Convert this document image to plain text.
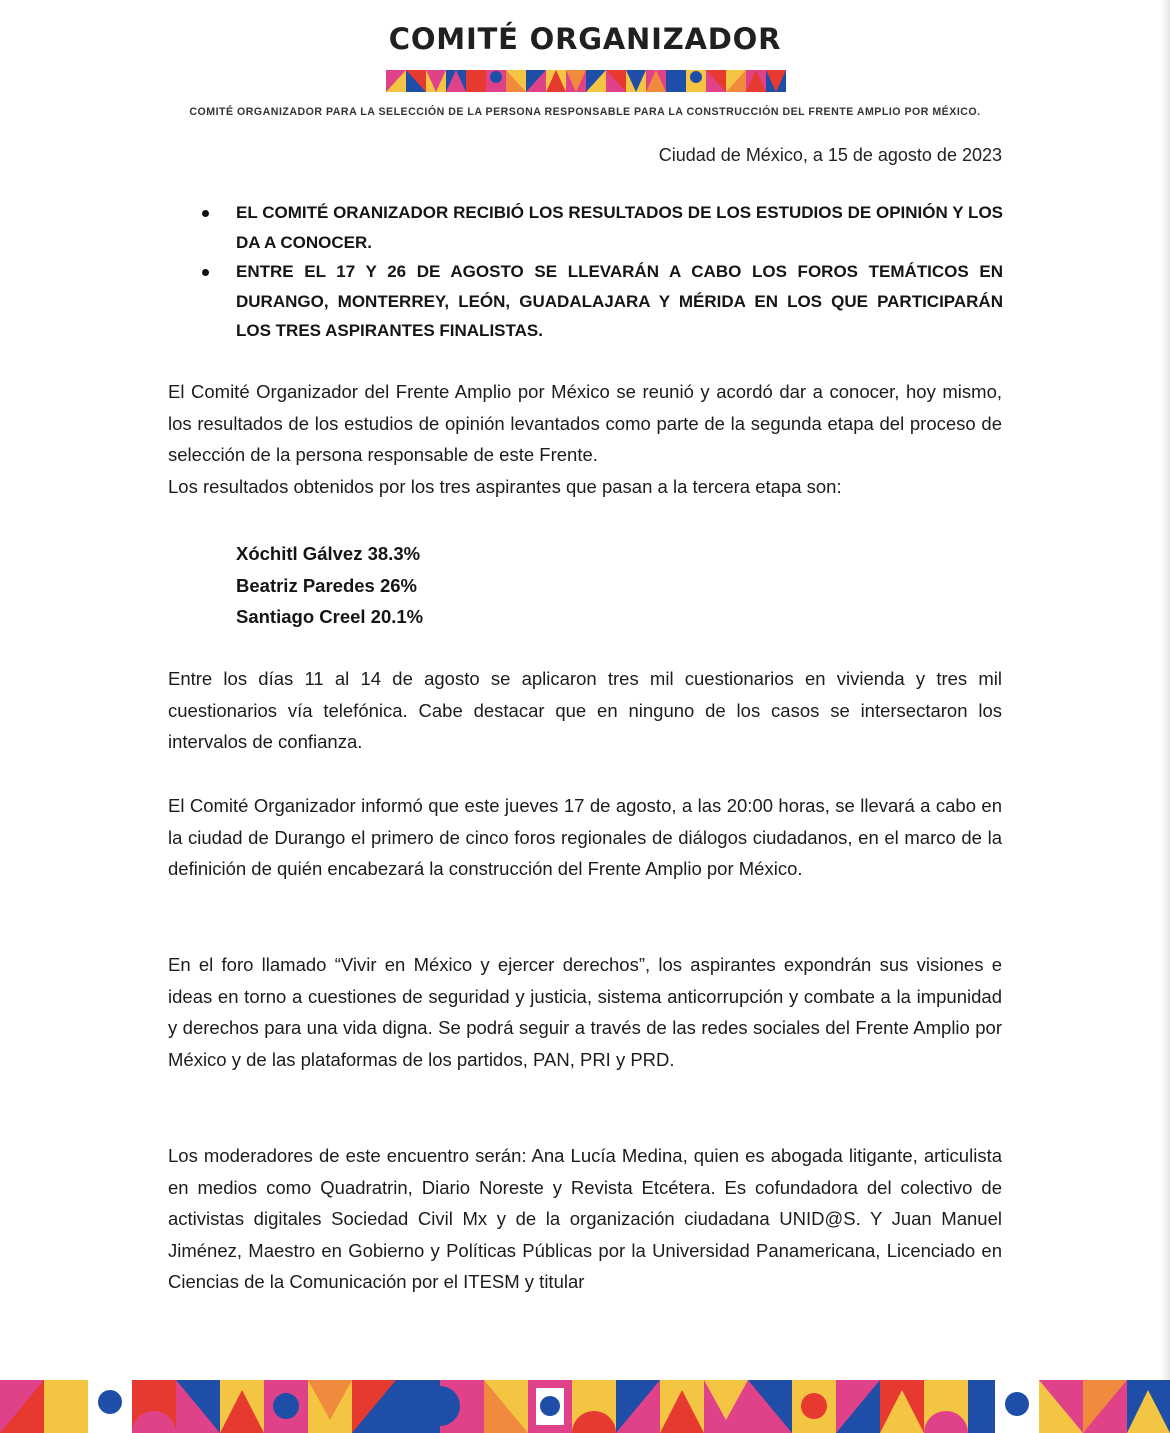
COMITÉ ORGANIZADOR
COMITÉ ORGANIZADOR PARA LA SELECCIÓN DE LA PERSONA RESPONSABLE PARA LA CONSTRUCCIÓN DEL FRENTE AMPLIO POR MÉXICO.
Ciudad de México, a 15 de agosto de 2023
EL COMITÉ ORANIZADOR RECIBIÓ LOS RESULTADOS DE LOS ESTUDIOS DE OPINIÓN Y LOS DA A CONOCER.
ENTRE EL 17 Y 26 DE AGOSTO SE LLEVARÁN A CABO LOS FOROS TEMÁTICOS EN DURANGO, MONTERREY, LEÓN, GUADALAJARA Y MÉRIDA EN LOS QUE PARTICIPARÁN LOS TRES ASPIRANTES FINALISTAS.

El Comité Organizador del Frente Amplio por México se reunió y acordó dar a conocer, hoy mismo, los resultados de los estudios de opinión levantados como parte de la segunda etapa del proceso de selección de la persona responsable de este Frente.
Los resultados obtenidos por los tres aspirantes que pasan a la tercera etapa son:

Xóchitl Gálvez 38.3%
Beatriz Paredes 26%
Santiago Creel 20.1%

Entre los días 11 al 14 de agosto se aplicaron tres mil cuestionarios en vivienda y tres mil cuestionarios vía telefónica. Cabe destacar que en ninguno de los casos se intersectaron los intervalos de confianza.

El Comité Organizador informó que este jueves 17 de agosto, a las 20:00 horas, se llevará a cabo en la ciudad de Durango el primero de cinco foros regionales de diálogos ciudadanos, en el marco de la definición de quién encabezará la construcción del Frente Amplio por México.

En el foro llamado “Vivir en México y ejercer derechos”, los aspirantes expondrán sus visiones e ideas en torno a cuestiones de seguridad y justicia, sistema anticorrupción y combate a la impunidad y derechos para una vida digna. Se podrá seguir a través de las redes sociales del Frente Amplio por México y de las plataformas de los partidos, PAN, PRI y PRD.

Los moderadores de este encuentro serán: Ana Lucía Medina, quien es abogada litigante, articulista en medios como Quadratrin, Diario Noreste y Revista Etcétera. Es cofundadora del colectivo de activistas digitales Sociedad Civil Mx y de la organización ciudadana UNID@S. Y Juan Manuel Jiménez, Maestro en Gobierno y Políticas Públicas por la Universidad Panamericana, Licenciado en Ciencias de la Comunicación por el ITESM y titular
